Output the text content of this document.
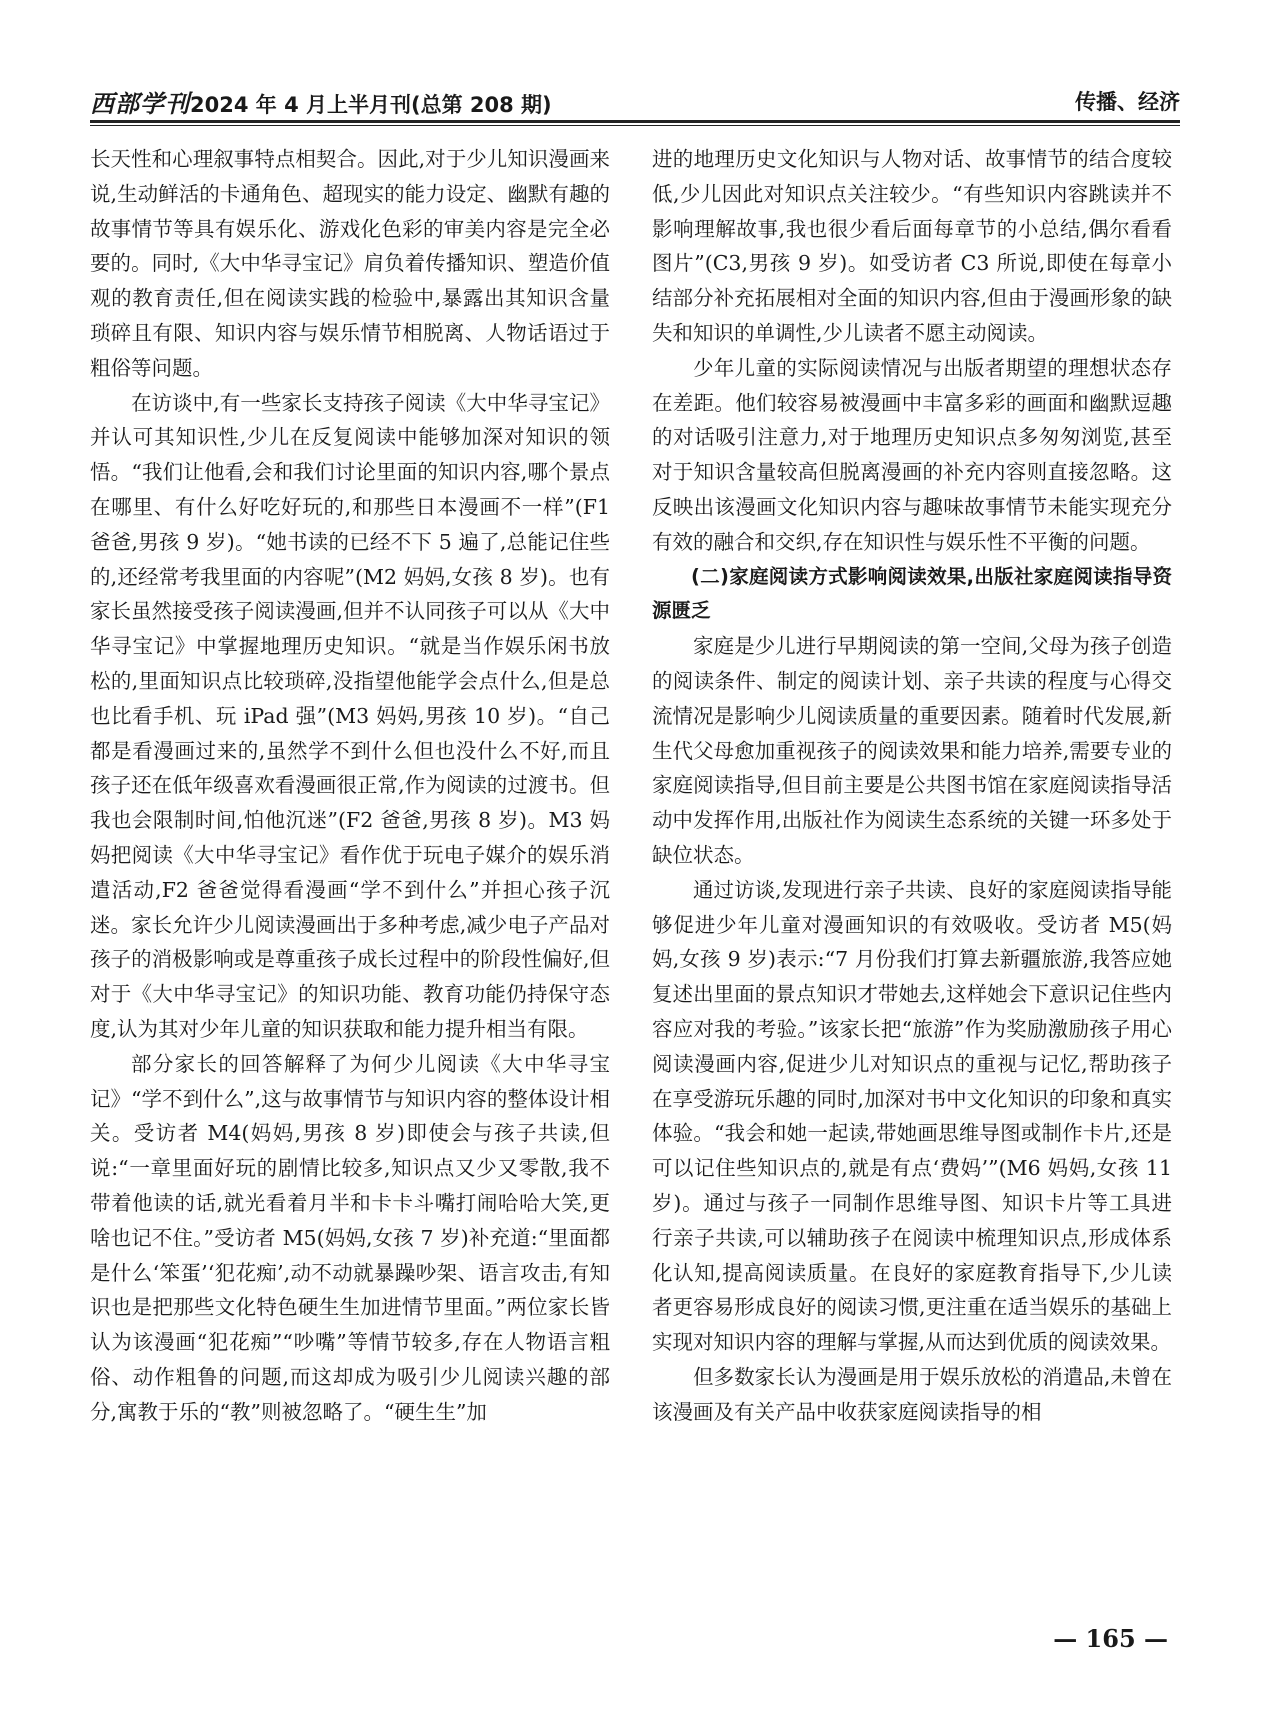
西部学刊2024 年 4 月上半月刊(总第 208 期)	传播、经济

长天性和心理叙事特点相契合。因此,对于少儿知识漫画来说,生动鲜活的卡通角色、超现实的能力设定、幽默有趣的故事情节等具有娱乐化、游戏化色彩的审美内容是完全必要的。同时,《大中华寻宝记》肩负着传播知识、塑造价值观的教育责任,但在阅读实践的检验中,暴露出其知识含量琐碎且有限、知识内容与娱乐情节相脱离、人物话语过于粗俗等问题。

在访谈中,有一些家长支持孩子阅读《大中华寻宝记》并认可其知识性,少儿在反复阅读中能够加深对知识的领悟。“我们让他看,会和我们讨论里面的知识内容,哪个景点在哪里、有什么好吃好玩的,和那些日本漫画不一样”(F1 爸爸,男孩 9 岁)。“她书读的已经不下 5 遍了,总能记住些的,还经常考我里面的内容呢”(M2 妈妈,女孩 8 岁)。也有家长虽然接受孩子阅读漫画,但并不认同孩子可以从《大中华寻宝记》中掌握地理历史知识。“就是当作娱乐闲书放松的,里面知识点比较琐碎,没指望他能学会点什么,但是总也比看手机、玩 iPad 强”(M3 妈妈,男孩 10 岁)。“自己都是看漫画过来的,虽然学不到什么但也没什么不好,而且孩子还在低年级喜欢看漫画很正常,作为阅读的过渡书。但我也会限制时间,怕他沉迷”(F2 爸爸,男孩 8 岁)。M3 妈妈把阅读《大中华寻宝记》看作优于玩电子媒介的娱乐消遣活动,F2 爸爸觉得看漫画“学不到什么”并担心孩子沉迷。家长允许少儿阅读漫画出于多种考虑,减少电子产品对孩子的消极影响或是尊重孩子成长过程中的阶段性偏好,但对于《大中华寻宝记》的知识功能、教育功能仍持保守态度,认为其对少年儿童的知识获取和能力提升相当有限。

部分家长的回答解释了为何少儿阅读《大中华寻宝记》“学不到什么”,这与故事情节与知识内容的整体设计相关。受访者 M4(妈妈,男孩 8 岁)即使会与孩子共读,但说:“一章里面好玩的剧情比较多,知识点又少又零散,我不带着他读的话,就光看着月半和卡卡斗嘴打闹哈哈大笑,更啥也记不住。”受访者 M5(妈妈,女孩 7 岁)补充道:“里面都是什么‘笨蛋’‘犯花痴’,动不动就暴躁吵架、语言攻击,有知识也是把那些文化特色硬生生加进情节里面。”两位家长皆认为该漫画“犯花痴”“吵嘴”等情节较多,存在人物语言粗俗、动作粗鲁的问题,而这却成为吸引少儿阅读兴趣的部分,寓教于乐的“教”则被忽略了。“硬生生”加

进的地理历史文化知识与人物对话、故事情节的结合度较低,少儿因此对知识点关注较少。“有些知识内容跳读并不影响理解故事,我也很少看后面每章节的小总结,偶尔看看图片”(C3,男孩 9 岁)。如受访者 C3 所说,即使在每章小结部分补充拓展相对全面的知识内容,但由于漫画形象的缺失和知识的单调性,少儿读者不愿主动阅读。

少年儿童的实际阅读情况与出版者期望的理想状态存在差距。他们较容易被漫画中丰富多彩的画面和幽默逗趣的对话吸引注意力,对于地理历史知识点多匆匆浏览,甚至对于知识含量较高但脱离漫画的补充内容则直接忽略。这反映出该漫画文化知识内容与趣味故事情节未能实现充分有效的融合和交织,存在知识性与娱乐性不平衡的问题。

(二)家庭阅读方式影响阅读效果,出版社家庭阅读指导资源匮乏

家庭是少儿进行早期阅读的第一空间,父母为孩子创造的阅读条件、制定的阅读计划、亲子共读的程度与心得交流情况是影响少儿阅读质量的重要因素。随着时代发展,新生代父母愈加重视孩子的阅读效果和能力培养,需要专业的家庭阅读指导,但目前主要是公共图书馆在家庭阅读指导活动中发挥作用,出版社作为阅读生态系统的关键一环多处于缺位状态。

通过访谈,发现进行亲子共读、良好的家庭阅读指导能够促进少年儿童对漫画知识的有效吸收。受访者 M5(妈妈,女孩 9 岁)表示:“7 月份我们打算去新疆旅游,我答应她复述出里面的景点知识才带她去,这样她会下意识记住些内容应对我的考验。”该家长把“旅游”作为奖励激励孩子用心阅读漫画内容,促进少儿对知识点的重视与记忆,帮助孩子在享受游玩乐趣的同时,加深对书中文化知识的印象和真实体验。“我会和她一起读,带她画思维导图或制作卡片,还是可以记住些知识点的,就是有点‘费妈’”(M6 妈妈,女孩 11 岁)。通过与孩子一同制作思维导图、知识卡片等工具进行亲子共读,可以辅助孩子在阅读中梳理知识点,形成体系化认知,提高阅读质量。在良好的家庭教育指导下,少儿读者更容易形成良好的阅读习惯,更注重在适当娱乐的基础上实现对知识内容的理解与掌握,从而达到优质的阅读效果。

但多数家长认为漫画是用于娱乐放松的消遣品,未曾在该漫画及有关产品中收获家庭阅读指导的相

— 165 —
